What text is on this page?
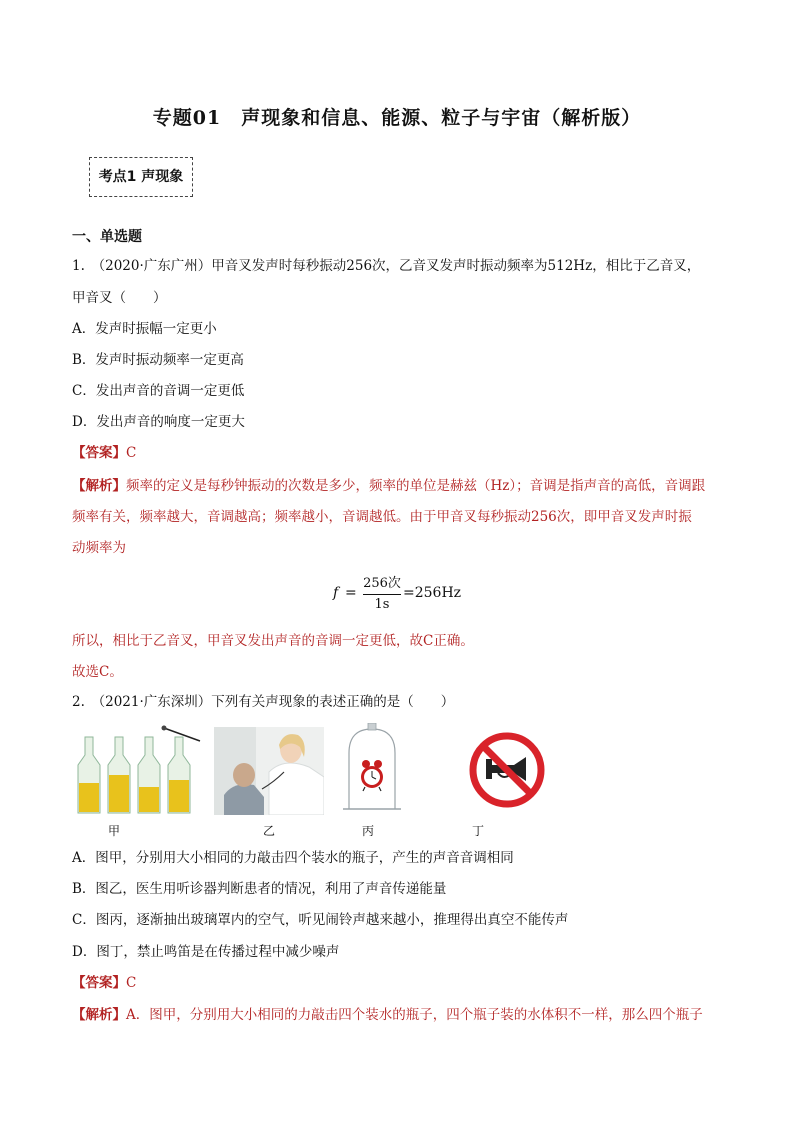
专题01　声现象和信息、能源、粒子与宇宙（解析版）
考点1 声现象
一、单选题
1.　（2020·广东广州）甲音叉发声时每秒振动256次，乙音叉发声时振动频率为512Hz，相比于乙音叉，
甲音叉（　　）
A．发声时振幅一定更小
B．发声时振动频率一定更高
C．发出声音的音调一定更低
D．发出声音的响度一定更大
【答案】C
【解析】频率的定义是每秒钟振动的次数是多少，频率的单位是赫兹（Hz）；音调是指声音的高低，音调跟
频率有关，频率越大，音调越高；频率越小，音调越低。由于甲音叉每秒振动256次，即甲音叉发声时振
动频率为
f =
256次
1s
=256Hz
所以，相比于乙音叉，甲音叉发出声音的音调一定更低，故C正确。
故选C。
2.　（2021·广东深圳）下列有关声现象的表述正确的是（　　）
甲	乙	丙	丁
A．图甲，分别用大小相同的力敲击四个装水的瓶子，产生的声音音调相同
B．图乙，医生用听诊器判断患者的情况，利用了声音传递能量
C．图丙，逐渐抽出玻璃罩内的空气，听见闹铃声越来越小，推理得出真空不能传声
D．图丁，禁止鸣笛是在传播过程中减少噪声
【答案】C
【解析】A．图甲，分别用大小相同的力敲击四个装水的瓶子，四个瓶子装的水体积不一样，那么四个瓶子
